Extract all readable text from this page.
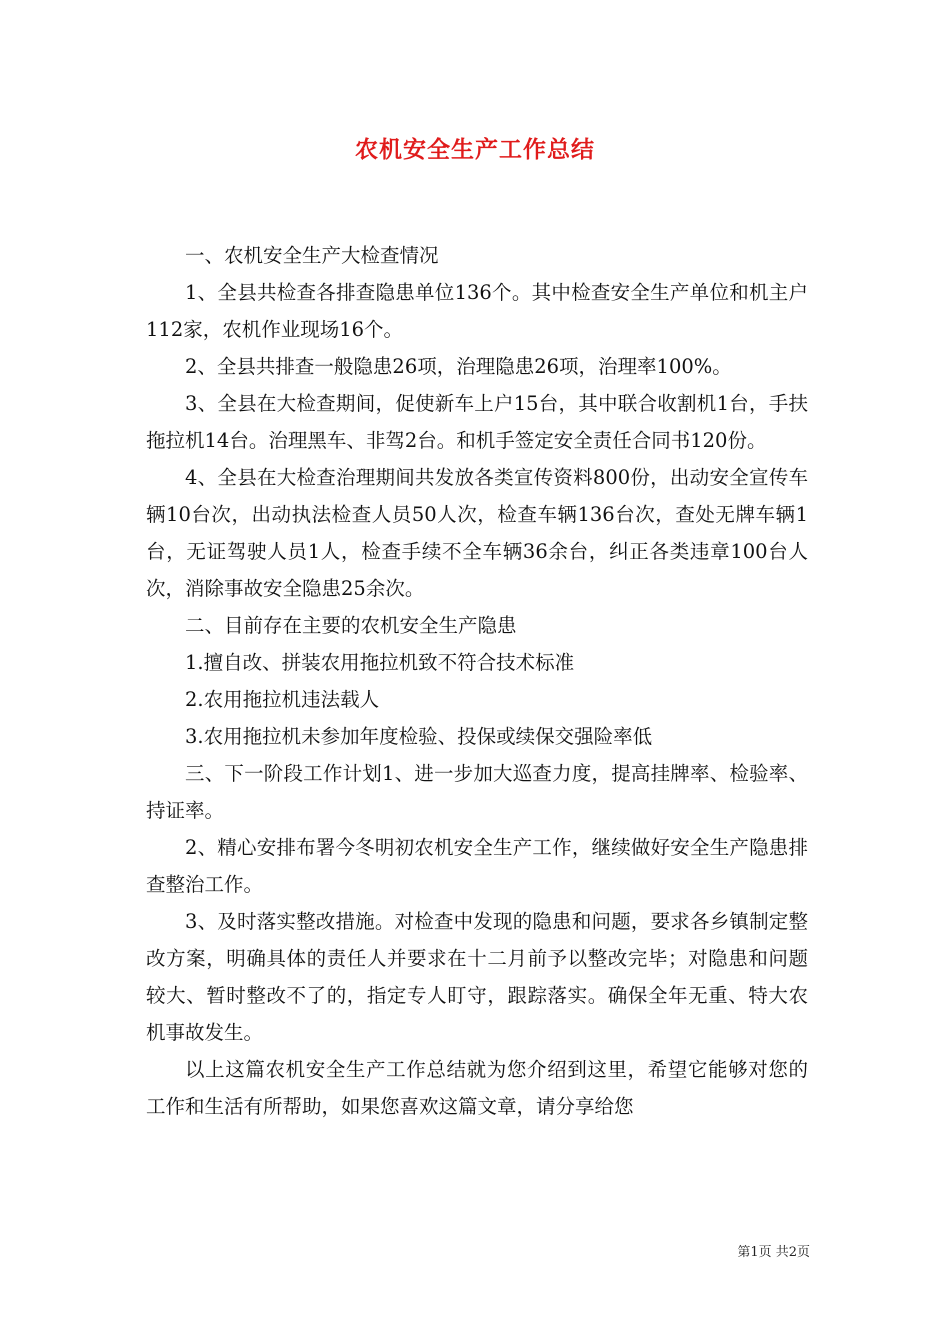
农机安全生产工作总结

一、农机安全生产大检查情况

1、全县共检查各排查隐患单位136个。其中检查安全生产单位和机主户112家，农机作业现场16个。

2、全县共排查一般隐患26项，治理隐患26项，治理率100%。

3、全县在大检查期间，促使新车上户15台，其中联合收割机1台，手扶拖拉机14台。治理黑车、非驾2台。和机手签定安全责任合同书120份。

4、全县在大检查治理期间共发放各类宣传资料800份，出动安全宣传车辆10台次，出动执法检查人员50人次，检查车辆136台次，查处无牌车辆1台，无证驾驶人员1人，检查手续不全车辆36余台，纠正各类违章100台人次，消除事故安全隐患25余次。

二、目前存在主要的农机安全生产隐患

1.擅自改、拼装农用拖拉机致不符合技术标准

2.农用拖拉机违法载人

3.农用拖拉机未参加年度检验、投保或续保交强险率低

三、下一阶段工作计划1、进一步加大巡查力度，提高挂牌率、检验率、持证率。

2、精心安排布署今冬明初农机安全生产工作，继续做好安全生产隐患排查整治工作。

3、及时落实整改措施。对检查中发现的隐患和问题，要求各乡镇制定整改方案，明确具体的责任人并要求在十二月前予以整改完毕；对隐患和问题较大、暂时整改不了的，指定专人盯守，跟踪落实。确保全年无重、特大农机事故发生。

以上这篇农机安全生产工作总结就为您介绍到这里，希望它能够对您的工作和生活有所帮助，如果您喜欢这篇文章，请分享给您

第1页 共2页
